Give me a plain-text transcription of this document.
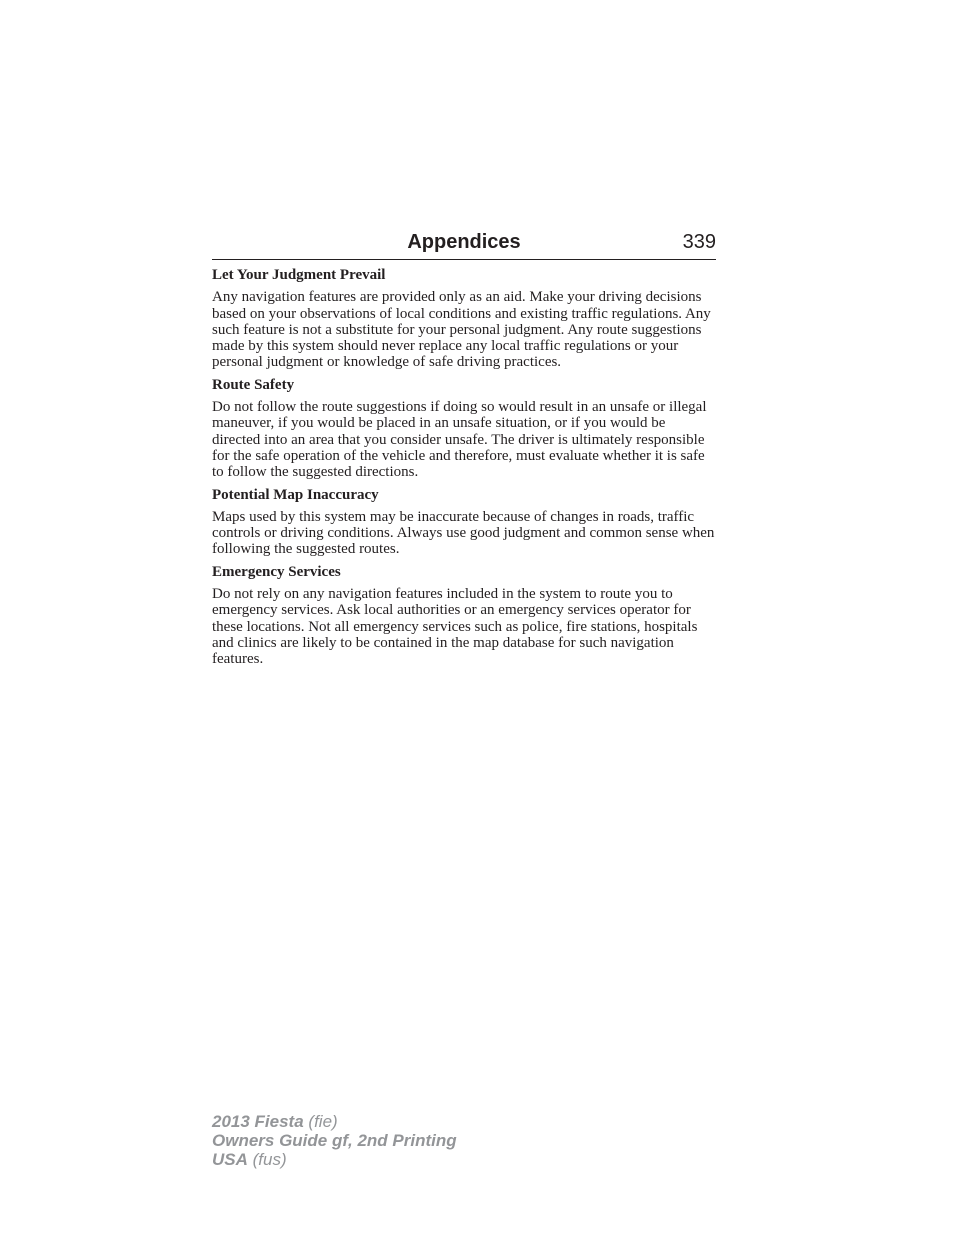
Appendices	339
Let Your Judgment Prevail
Any navigation features are provided only as an aid. Make your driving decisions based on your observations of local conditions and existing traffic regulations. Any such feature is not a substitute for your personal judgment. Any route suggestions made by this system should never replace any local traffic regulations or your personal judgment or knowledge of safe driving practices.
Route Safety
Do not follow the route suggestions if doing so would result in an unsafe or illegal maneuver, if you would be placed in an unsafe situation, or if you would be directed into an area that you consider unsafe. The driver is ultimately responsible for the safe operation of the vehicle and therefore, must evaluate whether it is safe to follow the suggested directions.
Potential Map Inaccuracy
Maps used by this system may be inaccurate because of changes in roads, traffic controls or driving conditions. Always use good judgment and common sense when following the suggested routes.
Emergency Services
Do not rely on any navigation features included in the system to route you to emergency services. Ask local authorities or an emergency services operator for these locations. Not all emergency services such as police, fire stations, hospitals and clinics are likely to be contained in the map database for such navigation features.
2013 Fiesta (fie)
Owners Guide gf, 2nd Printing
USA (fus)
